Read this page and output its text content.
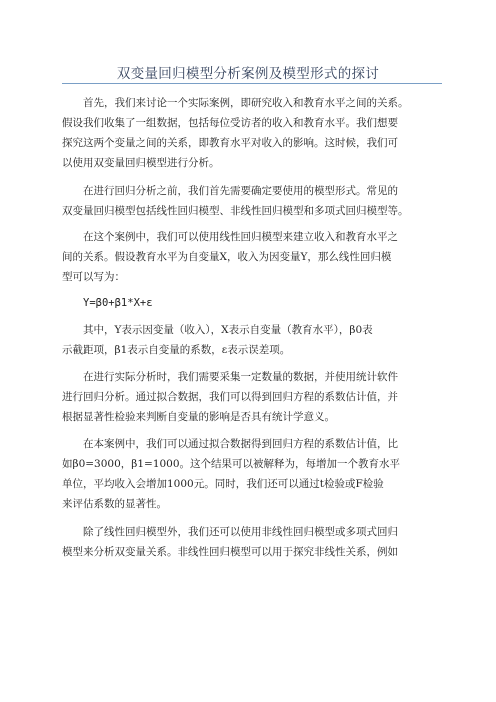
双变量回归模型分析案例及模型形式的探讨
首先，我们来讨论一个实际案例，即研究收入和教育水平之间的关系。
假设我们收集了一组数据，包括每位受访者的收入和教育水平。我们想要
探究这两个变量之间的关系，即教育水平对收入的影响。这时候，我们可
以使用双变量回归模型进行分析。
在进行回归分析之前，我们首先需要确定要使用的模型形式。常见的
双变量回归模型包括线性回归模型、非线性回归模型和多项式回归模型等。
在这个案例中，我们可以使用线性回归模型来建立收入和教育水平之
间的关系。假设教育水平为自变量X，收入为因变量Y，那么线性回归模
型可以写为：
Y=β0+β1*X+ε
其中，Y表示因变量（收入），X表示自变量（教育水平），β0表
示截距项，β1表示自变量的系数，ε表示误差项。
在进行实际分析时，我们需要采集一定数量的数据，并使用统计软件
进行回归分析。通过拟合数据，我们可以得到回归方程的系数估计值，并
根据显著性检验来判断自变量的影响是否具有统计学意义。
在本案例中，我们可以通过拟合数据得到回归方程的系数估计值，比
如β0=3000，β1=1000。这个结果可以被解释为，每增加一个教育水平
单位，平均收入会增加1000元。同时，我们还可以通过t检验或F检验
来评估系数的显著性。
除了线性回归模型外，我们还可以使用非线性回归模型或多项式回归
模型来分析双变量关系。非线性回归模型可以用于探究非线性关系，例如
